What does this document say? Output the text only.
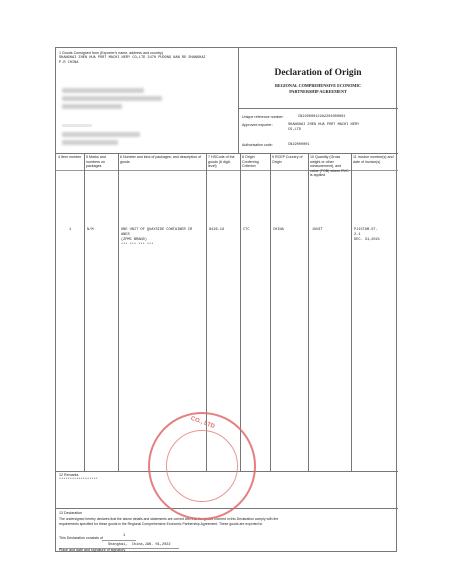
1 Goods Consigned from (Exporter's name, address and country)
SHANGHAI ZHEN HUA PORT MACHI NERY CO,LTD 3470 PUDONG NAN RD SHANGHAI
P.R CHINA
Declaration of Origin
REGIONAL COMPREHENSIVE ECONOMIC
PARTNERSHIP AGREEMENT
Unique reference number:	CN220000122A2201000001
Approved exporter:	SHANGHAI ZHEN HUA PORT MACHI NERY
CO,LTD
Authorisation code:	CN22000001
4 Item number 5 Marks and numbers on packages
6 Number and kind of packages; and description of goods
7 HSCode of the goods (6 digit-level)
8 Origin Conferring Criterion
9 RCEP Country of Origin
10 Quantity (Gross weight or other measurement), and value (FOB) where RVC is applied
11 Invoice number(s) and date of invoice(s)
1	N/M	ONE UNIT OF QUAYSIDE CONTAINER CR
ANES
(ZPMC BRAND)
*** *** *** ***
8426.19	CTC	CHINA	1UNIT	PJ15TAM-ST-
2-1
DEC. 31,2021
12 Remarks
******************
13 Declaration
The undersigned hereby declares that the above details and statements are correct and that the goods covered in this Declaration comply with the
requirements specified for these goods in the Regional Comprehensive Economic Partnership Agreement. These goods are exported to
This Declaration consists of	1
Shanghai,  China,JAN. 01,2022
Place and date and signature of signatory
CO., LTD
